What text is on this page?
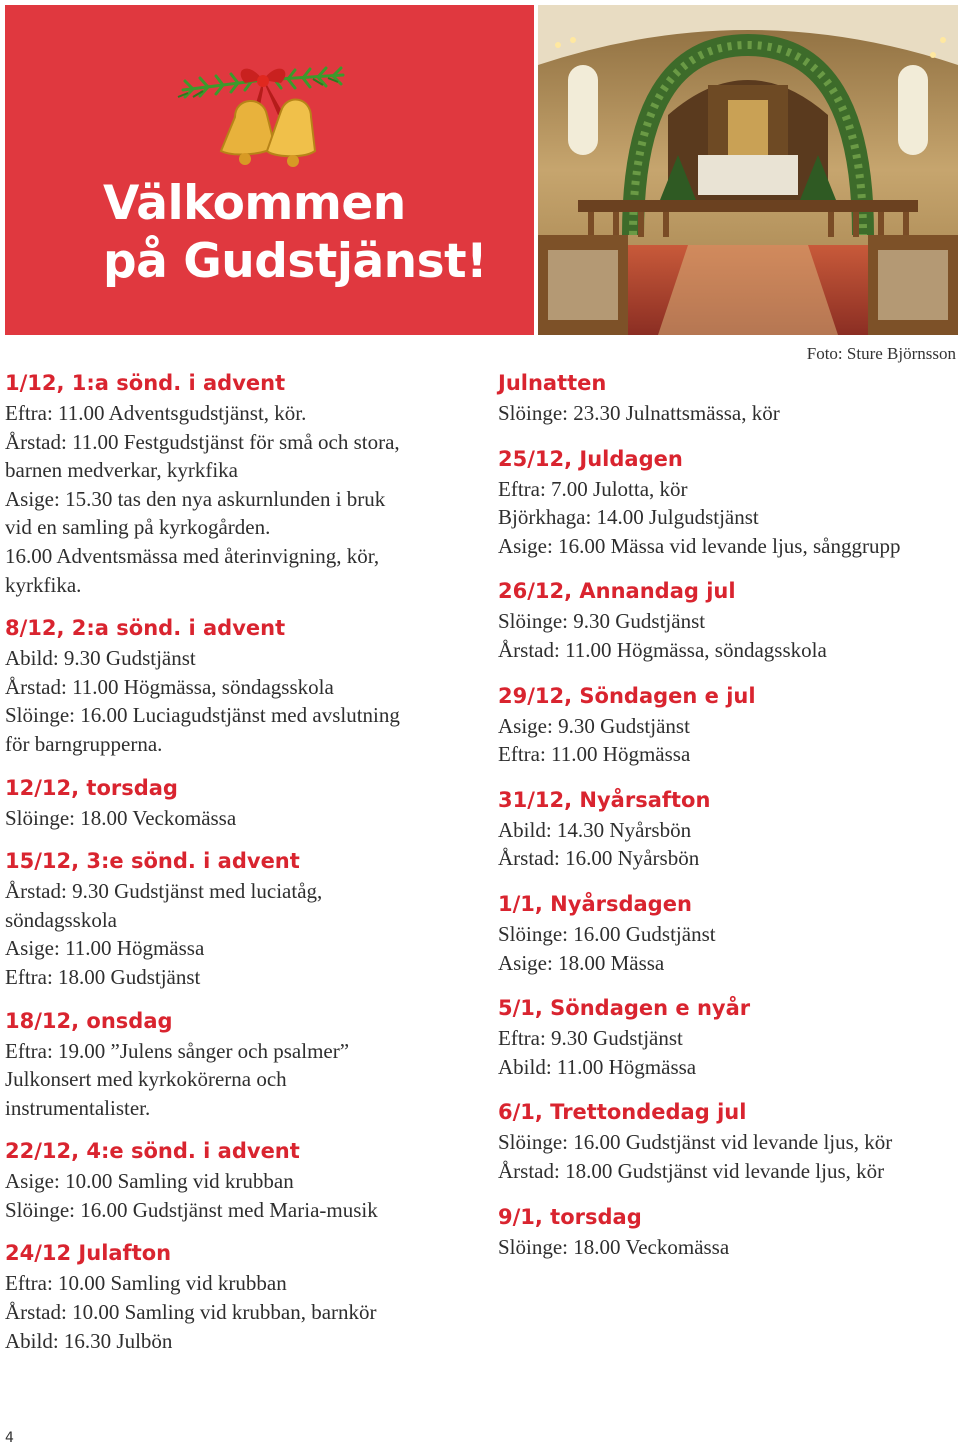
Välkommen
på Gudstjänst!
Foto: Sture Björnsson
1/12, 1:a sönd. i advent
Eftra: 11.00 Adventsgudstjänst, kör.
Årstad: 11.00 Festgudstjänst för små och stora,
barnen medverkar, kyrkfika
Asige: 15.30 tas den nya askurnlunden i bruk
vid en samling på kyrkogården.
16.00 Adventsmässa med återinvigning, kör,
kyrkfika.
8/12, 2:a sönd. i advent
Abild: 9.30 Gudstjänst
Årstad: 11.00 Högmässa, söndagsskola
Slöinge: 16.00 Luciagudstjänst med avslutning
för barngrupperna.
12/12, torsdag
Slöinge: 18.00 Veckomässa
15/12, 3:e sönd. i advent
Årstad: 9.30 Gudstjänst med luciatåg,
söndagsskola
Asige: 11.00 Högmässa
Eftra: 18.00 Gudstjänst
18/12, onsdag
Eftra: 19.00 ”Julens sånger och psalmer”
Julkonsert med kyrkokörerna och
instrumentalister.
22/12, 4:e sönd. i advent
Asige: 10.00 Samling vid krubban
Slöinge: 16.00 Gudstjänst med Maria-musik
24/12 Julafton
Eftra: 10.00 Samling vid krubban
Årstad: 10.00 Samling vid krubban, barnkör
Abild: 16.30 Julbön
Julnatten
Slöinge: 23.30 Julnattsmässa, kör
25/12, Juldagen
Eftra: 7.00 Julotta, kör
Björkhaga: 14.00 Julgudstjänst
Asige: 16.00 Mässa vid levande ljus, sånggrupp
26/12, Annandag jul
Slöinge: 9.30 Gudstjänst
Årstad: 11.00 Högmässa, söndagsskola
29/12, Söndagen e jul
Asige: 9.30 Gudstjänst
Eftra: 11.00 Högmässa
31/12, Nyårsafton
Abild: 14.30 Nyårsbön
Årstad: 16.00 Nyårsbön
1/1, Nyårsdagen
Slöinge: 16.00 Gudstjänst
Asige: 18.00 Mässa
5/1, Söndagen e nyår
Eftra: 9.30 Gudstjänst
Abild: 11.00 Högmässa
6/1, Trettondedag jul
Slöinge: 16.00 Gudstjänst vid levande ljus, kör
Årstad: 18.00 Gudstjänst vid levande ljus, kör
9/1, torsdag
Slöinge: 18.00 Veckomässa
4
